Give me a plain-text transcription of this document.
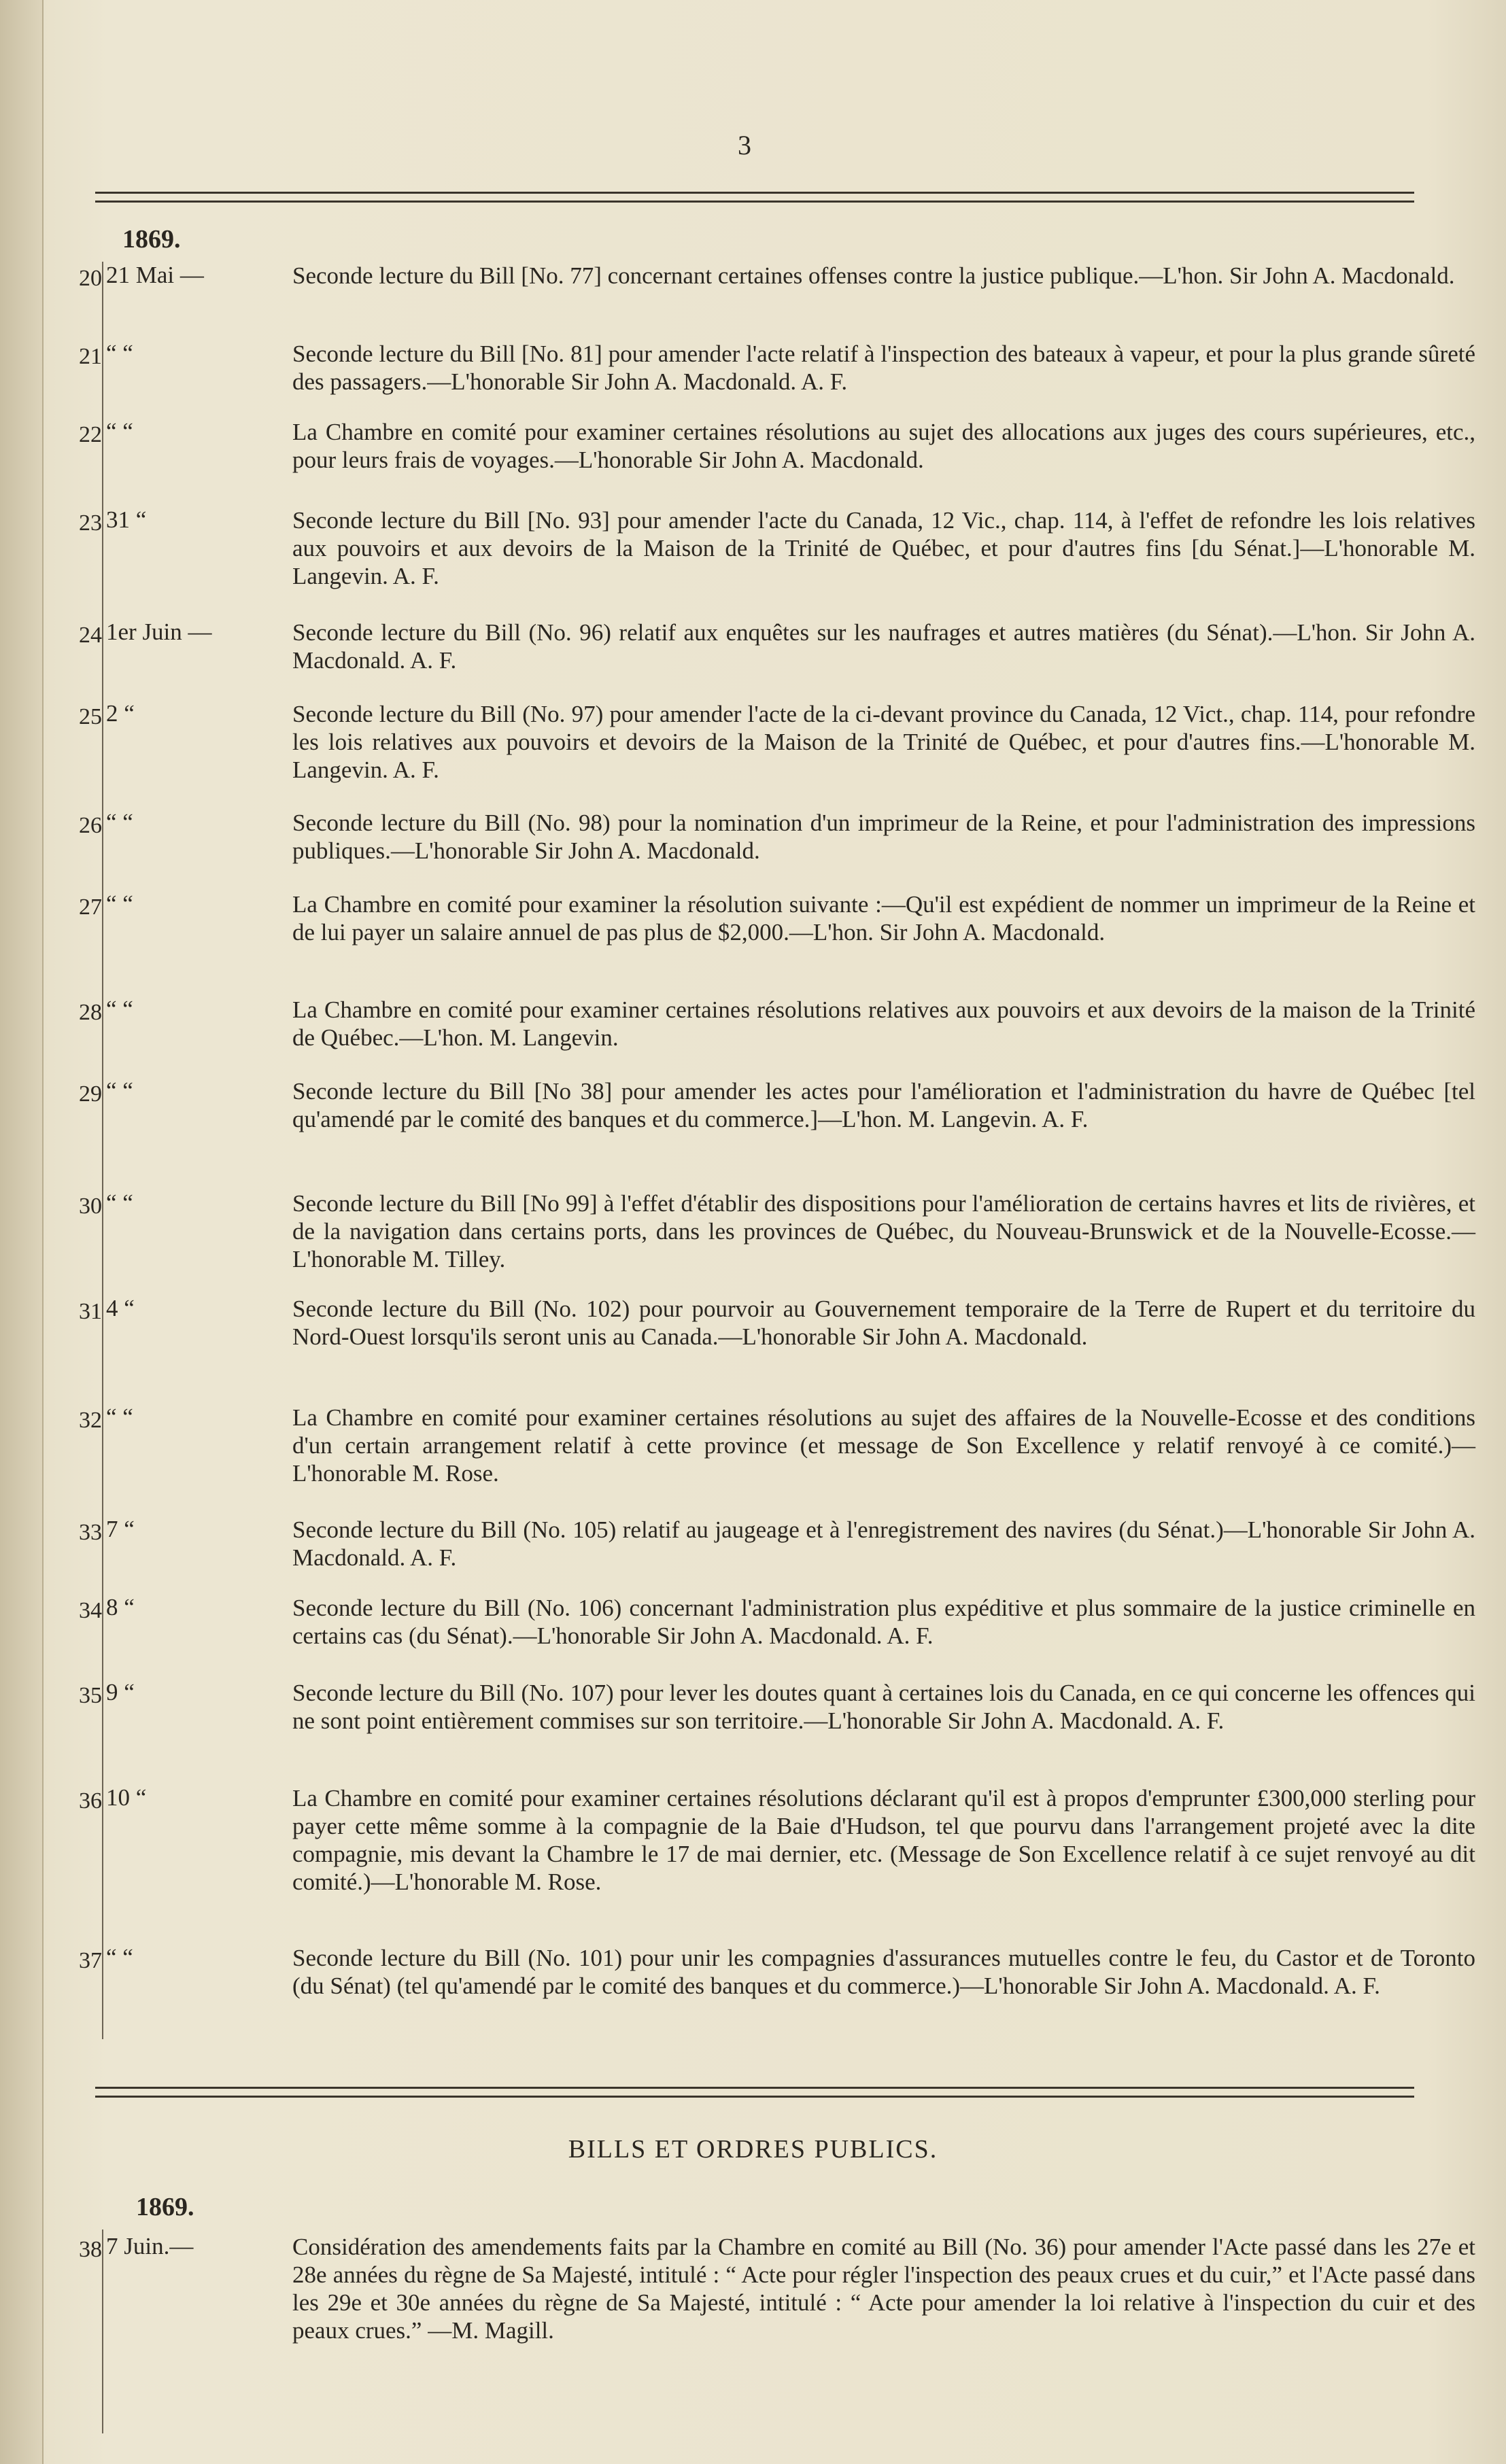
3
1869.
20 21 Mai —	Seconde lecture du Bill [No. 77] concernant certaines offenses contre la justice publique.—L'hon. Sir John A. Macdonald.
21 “ “	Seconde lecture du Bill [No. 81] pour amender l'acte relatif à l'inspection des bateaux à vapeur, et pour la plus grande sûreté des passagers.—L'honorable Sir John A. Macdonald. A. F.
22 “ “	La Chambre en comité pour examiner certaines résolutions au sujet des allocations aux juges des cours supérieures, etc., pour leurs frais de voyages.—L'honorable Sir John A. Macdonald.
23 31 “	Seconde lecture du Bill [No. 93] pour amender l'acte du Canada, 12 Vic., chap. 114, à l'effet de refondre les lois relatives aux pouvoirs et aux devoirs de la Maison de la Trinité de Québec, et pour d'autres fins [du Sénat.]—L'honorable M. Langevin. A. F.
24 1er Juin —	Seconde lecture du Bill (No. 96) relatif aux enquêtes sur les naufrages et autres matières (du Sénat).—L'hon. Sir John A. Macdonald. A. F.
25 2 “	Seconde lecture du Bill (No. 97) pour amender l'acte de la ci-devant province du Canada, 12 Vict., chap. 114, pour refondre les lois relatives aux pouvoirs et devoirs de la Maison de la Trinité de Québec, et pour d'autres fins.—L'honorable M. Langevin. A. F.
26 “ “	Seconde lecture du Bill (No. 98) pour la nomination d'un imprimeur de la Reine, et pour l'administration des impressions publiques.—L'honorable Sir John A. Macdonald.
27 “ “	La Chambre en comité pour examiner la résolution suivante :—Qu'il est expédient de nommer un imprimeur de la Reine et de lui payer un salaire annuel de pas plus de $2,000.—L'hon. Sir John A. Macdonald.
28 “ “	La Chambre en comité pour examiner certaines résolutions relatives aux pouvoirs et aux devoirs de la maison de la Trinité de Québec.—L'hon. M. Langevin.
29 “ “	Seconde lecture du Bill [No 38] pour amender les actes pour l'amélioration et l'administration du havre de Québec [tel qu'amendé par le comité des banques et du commerce.]—L'hon. M. Langevin. A. F.
30 “ “	Seconde lecture du Bill [No 99] à l'effet d'établir des dispositions pour l'amélioration de certains havres et lits de rivières, et de la navigation dans certains ports, dans les provinces de Québec, du Nouveau-Brunswick et de la Nouvelle-Ecosse.—L'honorable M. Tilley.
31 4 “	Seconde lecture du Bill (No. 102) pour pourvoir au Gouvernement temporaire de la Terre de Rupert et du territoire du Nord-Ouest lorsqu'ils seront unis au Canada.—L'honorable Sir John A. Macdonald.
32 “ “	La Chambre en comité pour examiner certaines résolutions au sujet des affaires de la Nouvelle-Ecosse et des conditions d'un certain arrangement relatif à cette province (et message de Son Excellence y relatif renvoyé à ce comité.)—L'honorable M. Rose.
33 7 “	Seconde lecture du Bill (No. 105) relatif au jaugeage et à l'enregistrement des navires (du Sénat.)—L'honorable Sir John A. Macdonald. A. F.
34 8 “	Seconde lecture du Bill (No. 106) concernant l'administration plus expéditive et plus sommaire de la justice criminelle en certains cas (du Sénat).—L'honorable Sir John A. Macdonald. A. F.
35 9 “	Seconde lecture du Bill (No. 107) pour lever les doutes quant à certaines lois du Canada, en ce qui concerne les offences qui ne sont point entièrement commises sur son territoire.—L'honorable Sir John A. Macdonald. A. F.
36 10 “	La Chambre en comité pour examiner certaines résolutions déclarant qu'il est à propos d'emprunter £300,000 sterling pour payer cette même somme à la compagnie de la Baie d'Hudson, tel que pourvu dans l'arrangement projeté avec la dite compagnie, mis devant la Chambre le 17 de mai dernier, etc. (Message de Son Excellence relatif à ce sujet renvoyé au dit comité.)—L'honorable M. Rose.
37 “ “	Seconde lecture du Bill (No. 101) pour unir les compagnies d'assurances mutuelles contre le feu, du Castor et de Toronto (du Sénat) (tel qu'amendé par le comité des banques et du commerce.)—L'honorable Sir John A. Macdonald. A. F.
BILLS ET ORDRES PUBLICS.
1869.
38 7 Juin.—	Considération des amendements faits par la Chambre en comité au Bill (No. 36) pour amender l'Acte passé dans les 27e et 28e années du règne de Sa Majesté, intitulé : “ Acte pour régler l'inspection des peaux crues et du cuir,” et l'Acte passé dans les 29e et 30e années du règne de Sa Majesté, intitulé : “ Acte pour amender la loi relative à l'inspection du cuir et des peaux crues.” —M. Magill.
